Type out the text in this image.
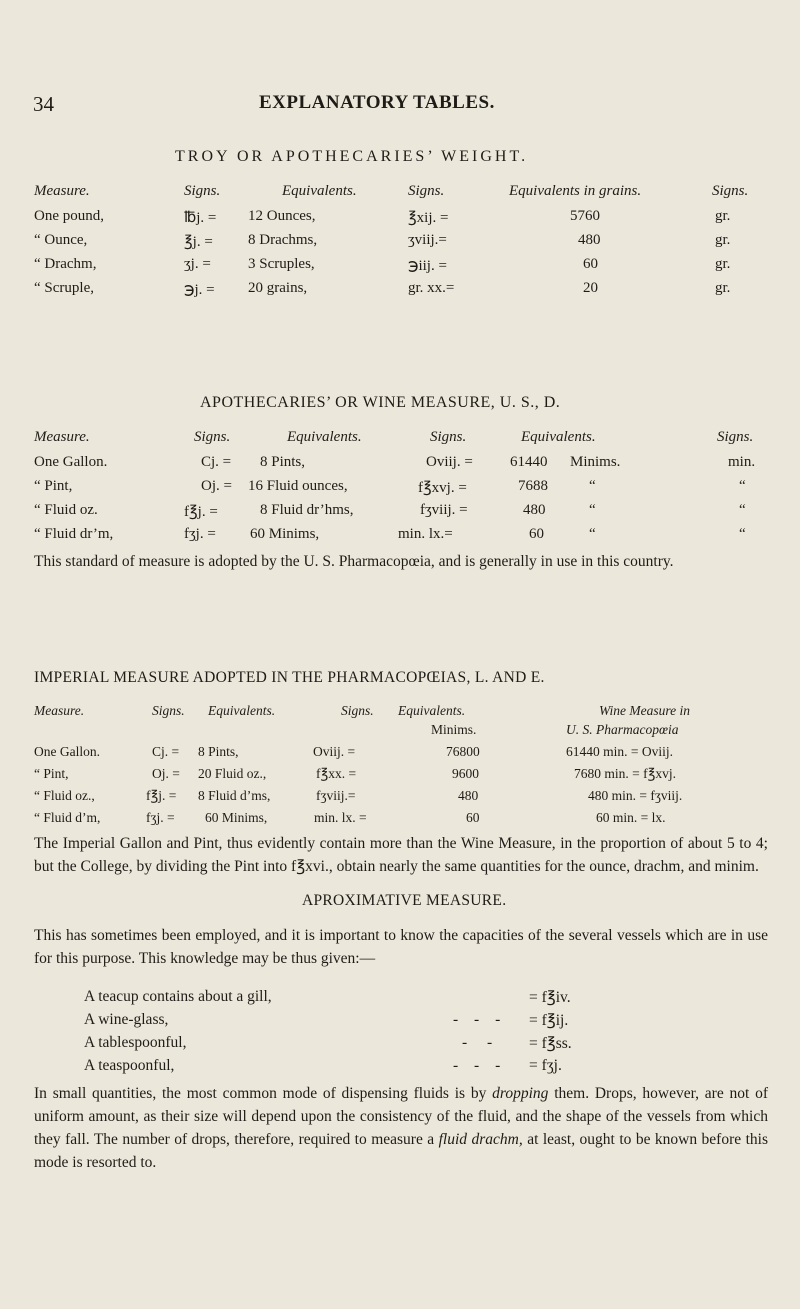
34	EXPLANATORY TABLES.
TROY OR APOTHECARIES’ WEIGHT.
Measure.	Signs.	Equivalents.	Signs.	Equivalents in grains.	Signs.
One pound,	℔j. = 12 Ounces,	℥xij. =	5760	gr.
“ Ounce,	℥j. = 8 Drachms,	ʒviij.=	480	gr.
“ Drachm,	ʒj. = 3 Scruples,	℈iij. =	60	gr.
“ Scruple,	℈j. = 20 grains,	gr. xx.=	20	gr.
APOTHECARIES’ OR WINE MEASURE, U. S., D.
Measure.	Signs.	Equivalents.	Signs.	Equivalents.	Signs.
One Gallon.	Cj. = 8 Pints,	Oviij. = 61440 Minims.	min.
“ Pint,	Oj. = 16 Fluid ounces,	f℥xvj. =	7688	“	“
“ Fluid oz.	f℥j. =	8 Fluid dr’hms,	fʒviij. =	480	“	“
“ Fluid dr’m,	fʒj. = 60 Minims,	min. lx.=	60	“	“

This standard of measure is adopted by the U. S. Pharmacopœia, and is generally in use in this country.

IMPERIAL MEASURE ADOPTED IN THE PHARMACOPŒIAS, L. AND E.
Measure.	Signs. Equivalents.	Signs. Equivalents.	Wine Measure in
Minims.	U. S. Pharmacopœia
One Gallon.	Cj. = 8 Pints,	Oviij. =	76800	61440 min. = Oviij.
“ Pint,	Oj. = 20 Fluid oz.,	f℥xx. =	9600	7680 min. = f℥xvj.
“ Fluid oz.,	f℥j. = 8 Fluid d’ms,	fʒviij.=	480	480 min. = fʒviij.
“ Fluid d’m,	fʒj. = 60 Minims,	min. lx. =	60	60 min. = lx.

The Imperial Gallon and Pint, thus evidently contain more than the Wine Measure, in the proportion of about 5 to 4; but the College, by dividing the Pint into f℥xvi., obtain nearly the same quantities for the ounce, drachm, and minim.

APROXIMATIVE MEASURE.

This has sometimes been employed, and it is important to know the capacities of the several vessels which are in use for this purpose. This knowledge may be thus given:—

A teacup contains about a gill,	= f℥iv.
A wine-glass,	- - - = f℥ij.
A tablespoonful,	- - = f℥ss.
A teaspoonful,	- - - = fʒj.

In small quantities, the most common mode of dispensing fluids is by dropping them. Drops, however, are not of uniform amount, as their size will depend upon the consistency of the fluid, and the shape of the vessels from which they fall. The number of drops, therefore, required to measure a fluid drachm, at least, ought to be known before this mode is resorted to.
